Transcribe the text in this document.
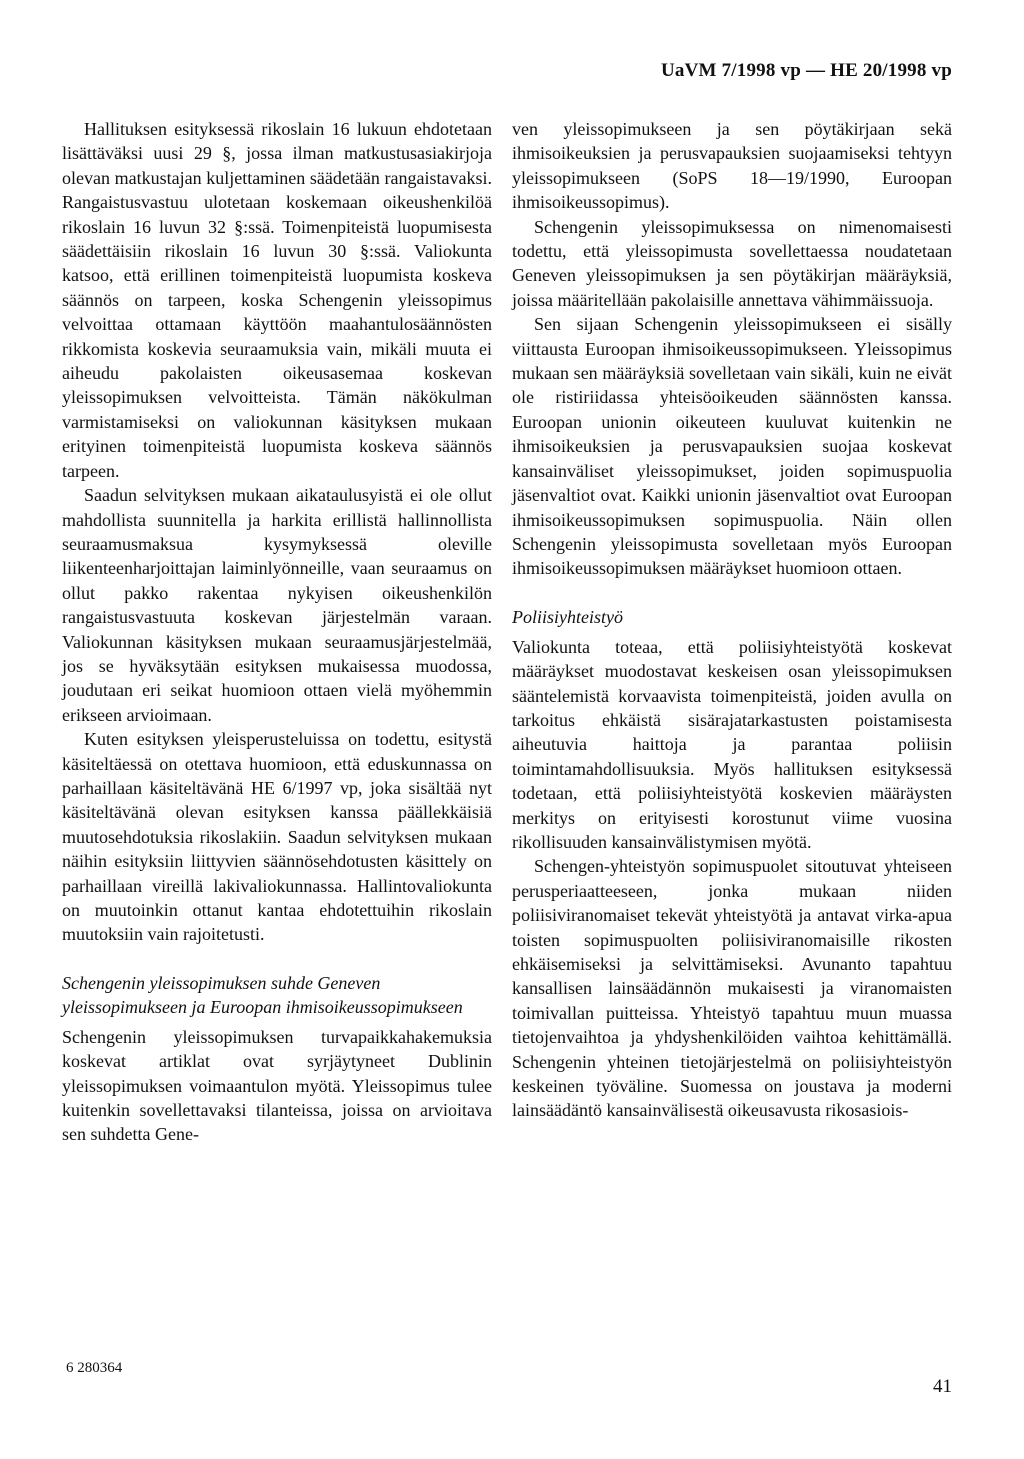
UaVM 7/1998 vp — HE 20/1998 vp

Hallituksen esityksessä rikoslain 16 lukuun ehdotetaan lisättäväksi uusi 29 §, jossa ilman matkustusasiakirjoja olevan matkustajan kuljettaminen säädetään rangaistavaksi. Rangaistusvastuu ulotetaan koskemaan oikeushenkilöä rikoslain 16 luvun 32 §:ssä. Toimenpiteistä luopumisesta säädettäisiin rikoslain 16 luvun 30 §:ssä. Valiokunta katsoo, että erillinen toimenpiteistä luopumista koskeva säännös on tarpeen, koska Schengenin yleissopimus velvoittaa ottamaan käyttöön maahantulosäännösten rikkomista koskevia seuraamuksia vain, mikäli muuta ei aiheudu pakolaisten oikeusasemaa koskevan yleissopimuksen velvoitteista. Tämän näkökulman varmistamiseksi on valiokunnan käsityksen mukaan erityinen toimenpiteistä luopumista koskeva säännös tarpeen.

Saadun selvityksen mukaan aikataulusyistä ei ole ollut mahdollista suunnitella ja harkita erillistä hallinnollista seuraamusmaksua kysymyksessä oleville liikenteenharjoittajan laiminlyönneille, vaan seuraamus on ollut pakko rakentaa nykyisen oikeushenkilön rangaistusvastuuta koskevan järjestelmän varaan. Valiokunnan käsityksen mukaan seuraamusjärjestelmää, jos se hyväksytään esityksen mukaisessa muodossa, joudutaan eri seikat huomioon ottaen vielä myöhemmin erikseen arvioimaan.

Kuten esityksen yleisperusteluissa on todettu, esitystä käsiteltäessä on otettava huomioon, että eduskunnassa on parhaillaan käsiteltävänä HE 6/1997 vp, joka sisältää nyt käsiteltävänä olevan esityksen kanssa päällekkäisiä muutosehdotuksia rikoslakiin. Saadun selvityksen mukaan näihin esityksiin liittyvien säännösehdotusten käsittely on parhaillaan vireillä lakivaliokunnassa. Hallintovaliokunta on muutoinkin ottanut kantaa ehdotettuihin rikoslain muutoksiin vain rajoitetusti.

Schengenin yleissopimuksen suhde Geneven yleissopimukseen ja Euroopan ihmisoikeussopimukseen

Schengenin yleissopimuksen turvapaikkahakemuksia koskevat artiklat ovat syrjäytyneet Dublinin yleissopimuksen voimaantulon myötä. Yleissopimus tulee kuitenkin sovellettavaksi tilanteissa, joissa on arvioitava sen suhdetta Gene-

ven yleissopimukseen ja sen pöytäkirjaan sekä ihmisoikeuksien ja perusvapauksien suojaamiseksi tehtyyn yleissopimukseen (SoPS 18—19/1990, Euroopan ihmisoikeussopimus).

Schengenin yleissopimuksessa on nimenomaisesti todettu, että yleissopimusta sovellettaessa noudatetaan Geneven yleissopimuksen ja sen pöytäkirjan määräyksiä, joissa määritellään pakolaisille annettava vähimmäissuoja.

Sen sijaan Schengenin yleissopimukseen ei sisälly viittausta Euroopan ihmisoikeussopimukseen. Yleissopimus mukaan sen määräyksiä sovelletaan vain sikäli, kuin ne eivät ole ristiriidassa yhteisöoikeuden säännösten kanssa. Euroopan unionin oikeuteen kuuluvat kuitenkin ne ihmisoikeuksien ja perusvapauksien suojaa koskevat kansainväliset yleissopimukset, joiden sopimuspuolia jäsenvaltiot ovat. Kaikki unionin jäsenvaltiot ovat Euroopan ihmisoikeussopimuksen sopimuspuolia. Näin ollen Schengenin yleissopimusta sovelletaan myös Euroopan ihmisoikeussopimuksen määräykset huomioon ottaen.

Poliisiyhteistyö

Valiokunta toteaa, että poliisiyhteistyötä koskevat määräykset muodostavat keskeisen osan yleissopimuksen sääntelemistä korvaavista toimenpiteistä, joiden avulla on tarkoitus ehkäistä sisärajatarkastusten poistamisesta aiheutuvia haittoja ja parantaa poliisin toimintamahdollisuuksia. Myös hallituksen esityksessä todetaan, että poliisiyhteistyötä koskevien määräysten merkitys on erityisesti korostunut viime vuosina rikollisuuden kansainvälistymisen myötä.

Schengen-yhteistyön sopimuspuolet sitoutuvat yhteiseen perusperiaatteeseen, jonka mukaan niiden poliisiviranomaiset tekevät yhteistyötä ja antavat virka-apua toisten sopimuspuolten poliisiviranomaisille rikosten ehkäisemiseksi ja selvittämiseksi. Avunanto tapahtuu kansallisen lainsäädännön mukaisesti ja viranomaisten toimivallan puitteissa. Yhteistyö tapahtuu muun muassa tietojenvaihtoa ja yhdyshenkilöiden vaihtoa kehittämällä. Schengenin yhteinen tietojärjestelmä on poliisiyhteistyön keskeinen työväline. Suomessa on joustava ja moderni lainsäädäntö kansainvälisestä oikeusavusta rikosasiois-

6 280364
41
